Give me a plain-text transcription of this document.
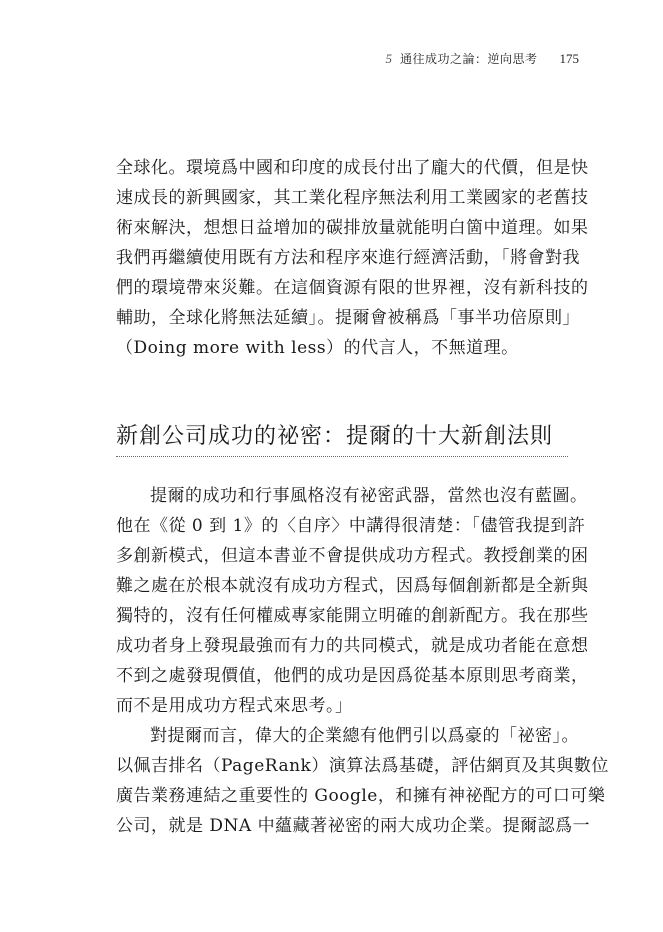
5 通往成功之論：逆向思考 175
全球化。環境爲中國和印度的成長付出了龐大的代價，但是快
速成長的新興國家，其工業化程序無法利用工業國家的老舊技
術來解決，想想日益增加的碳排放量就能明白箇中道理。如果
我們再繼續使用既有方法和程序來進行經濟活動，「將會對我
們的環境帶來災難。在這個資源有限的世界裡，沒有新科技的
輔助，全球化將無法延續」。提爾會被稱爲「事半功倍原則」
（Doing more with less）的代言人，不無道理。
新創公司成功的祕密：提爾的十大新創法則
提爾的成功和行事風格沒有祕密武器，當然也沒有藍圖。
他在《從 0 到 1》的〈自序〉中講得很清楚：「儘管我提到許
多創新模式，但這本書並不會提供成功方程式。教授創業的困
難之處在於根本就沒有成功方程式，因爲每個創新都是全新與
獨特的，沒有任何權威專家能開立明確的創新配方。我在那些
成功者身上發現最強而有力的共同模式，就是成功者能在意想
不到之處發現價值，他們的成功是因爲從基本原則思考商業，
而不是用成功方程式來思考。」
對提爾而言，偉大的企業總有他們引以爲豪的「祕密」。
以佩吉排名（PageRank）演算法爲基礎，評估網頁及其與數位
廣告業務連結之重要性的 Google，和擁有神祕配方的可口可樂
公司，就是 DNA 中蘊藏著祕密的兩大成功企業。提爾認爲一
